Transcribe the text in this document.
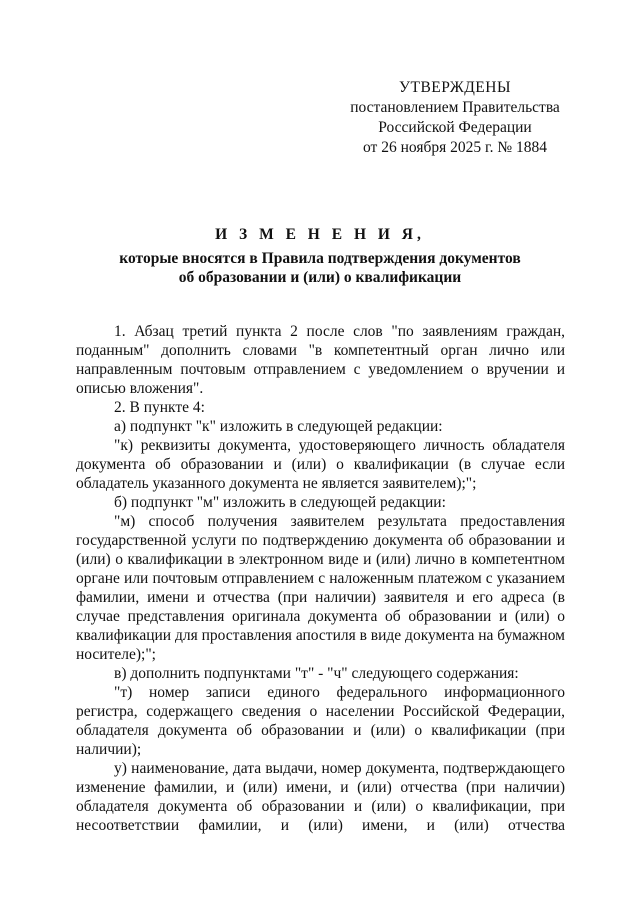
УТВЕРЖДЕНЫ
постановлением Правительства
Российской Федерации
от 26 ноября 2025 г. № 1884
И З М Е Н Е Н И Я,
которые вносятся в Правила подтверждения документов
об образовании и (или) о квалификации

1. Абзац третий пункта 2 после слов "по заявлениям граждан, поданным" дополнить словами "в компетентный орган лично или направленным почтовым отправлением с уведомлением о вручении и описью вложения".

2. В пункте 4:

а) подпункт "к" изложить в следующей редакции:

"к) реквизиты документа, удостоверяющего личность обладателя документа об образовании и (или) о квалификации (в случае если обладатель указанного документа не является заявителем);";

б) подпункт "м" изложить в следующей редакции:

"м) способ получения заявителем результата предоставления государственной услуги по подтверждению документа об образовании и (или) о квалификации в электронном виде и (или) лично в компетентном органе или почтовым отправлением с наложенным платежом с указанием фамилии, имени и отчества (при наличии) заявителя и его адреса (в случае представления оригинала документа об образовании и (или) о квалификации для проставления апостиля в виде документа на бумажном носителе);";

в) дополнить подпунктами "т" - "ч" следующего содержания:

"т) номер записи единого федерального информационного регистра, содержащего сведения о населении Российской Федерации, обладателя документа об образовании и (или) о квалификации (при наличии);

у) наименование, дата выдачи, номер документа, подтверждающего изменение фамилии, и (или) имени, и (или) отчества (при наличии) обладателя документа об образовании и (или) о квалификации, при несоответствии фамилии, и (или) имени, и (или) отчества
